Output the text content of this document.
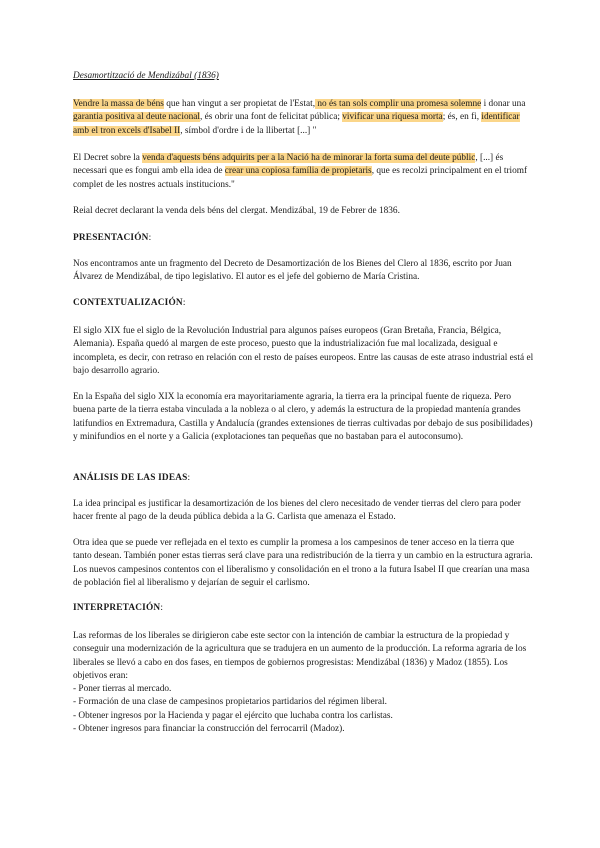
Desamortització de Mendizábal (1836)

Vendre la massa de béns que han vingut a ser propietat de l'Estat, no és tan sols complir una promesa solemne i donar una garantia positiva al deute nacional, és obrir una font de felicitat pública; vivificar una riquesa morta; és, en fi, identificar amb el tron excels d'Isabel II, símbol d'ordre i de la llibertat [...] "

El Decret sobre la venda d'aquests béns adquirits per a la Nació ha de minorar la forta suma del deute públic, [...] és necessari que es fongui amb ella idea de crear una copiosa família de propietaris, que es recolzi principalment en el triomf complet de les nostres actuals institucions."

Reial decret declarant la venda dels béns del clergat. Mendizábal, 19 de Febrer de 1836.

PRESENTACIÓN:

Nos encontramos ante un fragmento del Decreto de Desamortización de los Bienes del Clero al 1836, escrito por Juan Álvarez de Mendizábal, de tipo legislativo. El autor es el jefe del gobierno de María Cristina.

CONTEXTUALIZACIÓN:

El siglo XIX fue el siglo de la Revolución Industrial para algunos países europeos (Gran Bretaña, Francia, Bélgica, Alemania). España quedó al margen de este proceso, puesto que la industrialización fue mal localizada, desigual e incompleta, es decir, con retraso en relación con el resto de países europeos. Entre las causas de este atraso industrial está el bajo desarrollo agrario.

En la España del siglo XIX la economía era mayoritariamente agraria, la tierra era la principal fuente de riqueza. Pero buena parte de la tierra estaba vinculada a la nobleza o al clero, y además la estructura de la propiedad mantenía grandes latifundios en Extremadura, Castilla y Andalucía (grandes extensiones de tierras cultivadas por debajo de sus posibilidades) y minifundios en el norte y a Galicia (explotaciones tan pequeñas que no bastaban para el autoconsumo).

ANÁLISIS DE LAS IDEAS:

La idea principal es justificar la desamortización de los bienes del clero necesitado de vender tierras del clero para poder hacer frente al pago de la deuda pública debida a la G. Carlista que amenaza el Estado.

Otra idea que se puede ver reflejada en el texto es cumplir la promesa a los campesinos de tener acceso en la tierra que tanto desean. También poner estas tierras será clave para una redistribución de la tierra y un cambio en la estructura agraria. Los nuevos campesinos contentos con el liberalismo y consolidación en el trono a la futura Isabel II que crearían una masa de población fiel al liberalismo y dejarían de seguir el carlismo.

INTERPRETACIÓN:

Las reformas de los liberales se dirigieron cabe este sector con la intención de cambiar la estructura de la propiedad y conseguir una modernización de la agricultura que se tradujera en un aumento de la producción. La reforma agraria de los liberales se llevó a cabo en dos fases, en tiempos de gobiernos progresistas: Mendizábal (1836) y Madoz (1855). Los objetivos eran:

- Poner tierras al mercado.
- Formación de una clase de campesinos propietarios partidarios del régimen liberal.
- Obtener ingresos por la Hacienda y pagar el ejército que luchaba contra los carlistas.
- Obtener ingresos para financiar la construcción del ferrocarril (Madoz).
